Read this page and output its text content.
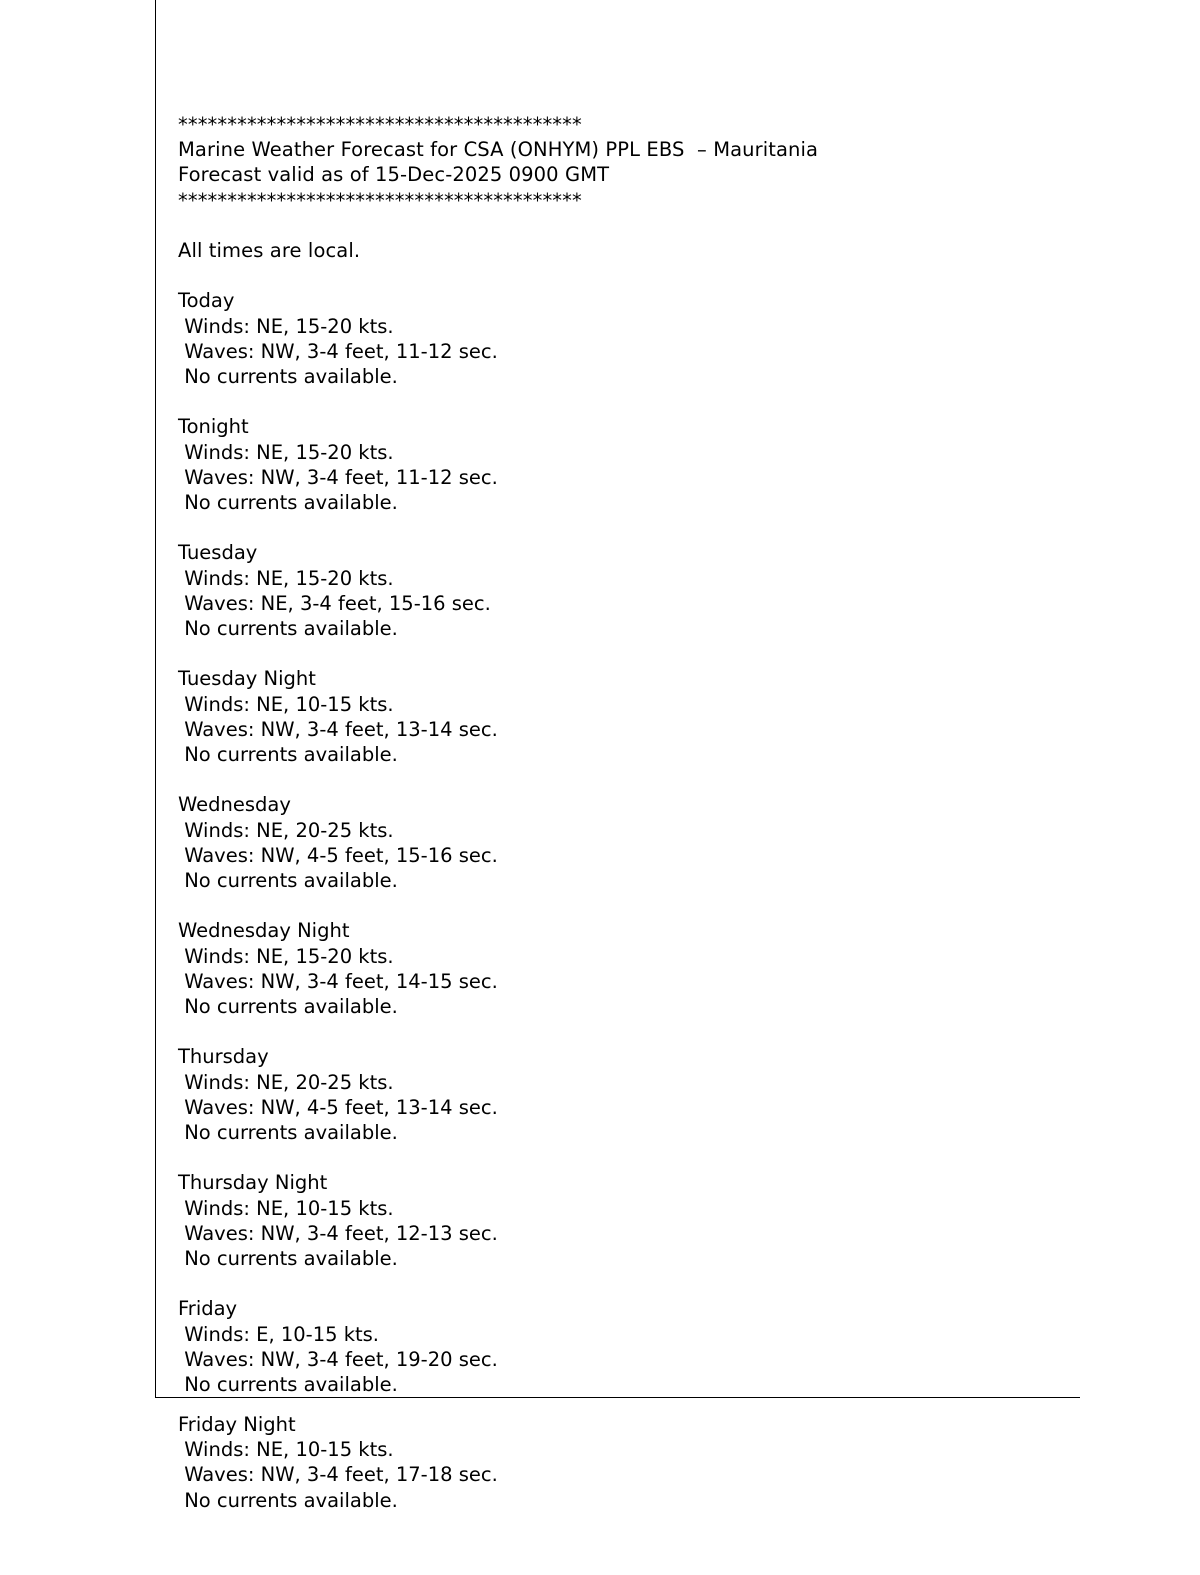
*****************************************
Marine Weather Forecast for CSA (ONHYM) PPL EBS  – Mauritania
Forecast valid as of 15-Dec-2025 0900 GMT
*****************************************
All times are local.
Today
Winds: NE, 15-20 kts.
Waves: NW, 3-4 feet, 11-12 sec.
No currents available.
Tonight
Winds: NE, 15-20 kts.
Waves: NW, 3-4 feet, 11-12 sec.
No currents available.
Tuesday
Winds: NE, 15-20 kts.
Waves: NE, 3-4 feet, 15-16 sec.
No currents available.
Tuesday Night
Winds: NE, 10-15 kts.
Waves: NW, 3-4 feet, 13-14 sec.
No currents available.
Wednesday
Winds: NE, 20-25 kts.
Waves: NW, 4-5 feet, 15-16 sec.
No currents available.
Wednesday Night
Winds: NE, 15-20 kts.
Waves: NW, 3-4 feet, 14-15 sec.
No currents available.
Thursday
Winds: NE, 20-25 kts.
Waves: NW, 4-5 feet, 13-14 sec.
No currents available.
Thursday Night
Winds: NE, 10-15 kts.
Waves: NW, 3-4 feet, 12-13 sec.
No currents available.
Friday
Winds: E, 10-15 kts.
Waves: NW, 3-4 feet, 19-20 sec.
No currents available.
Friday Night
Winds: NE, 10-15 kts.
Waves: NW, 3-4 feet, 17-18 sec.
No currents available.
